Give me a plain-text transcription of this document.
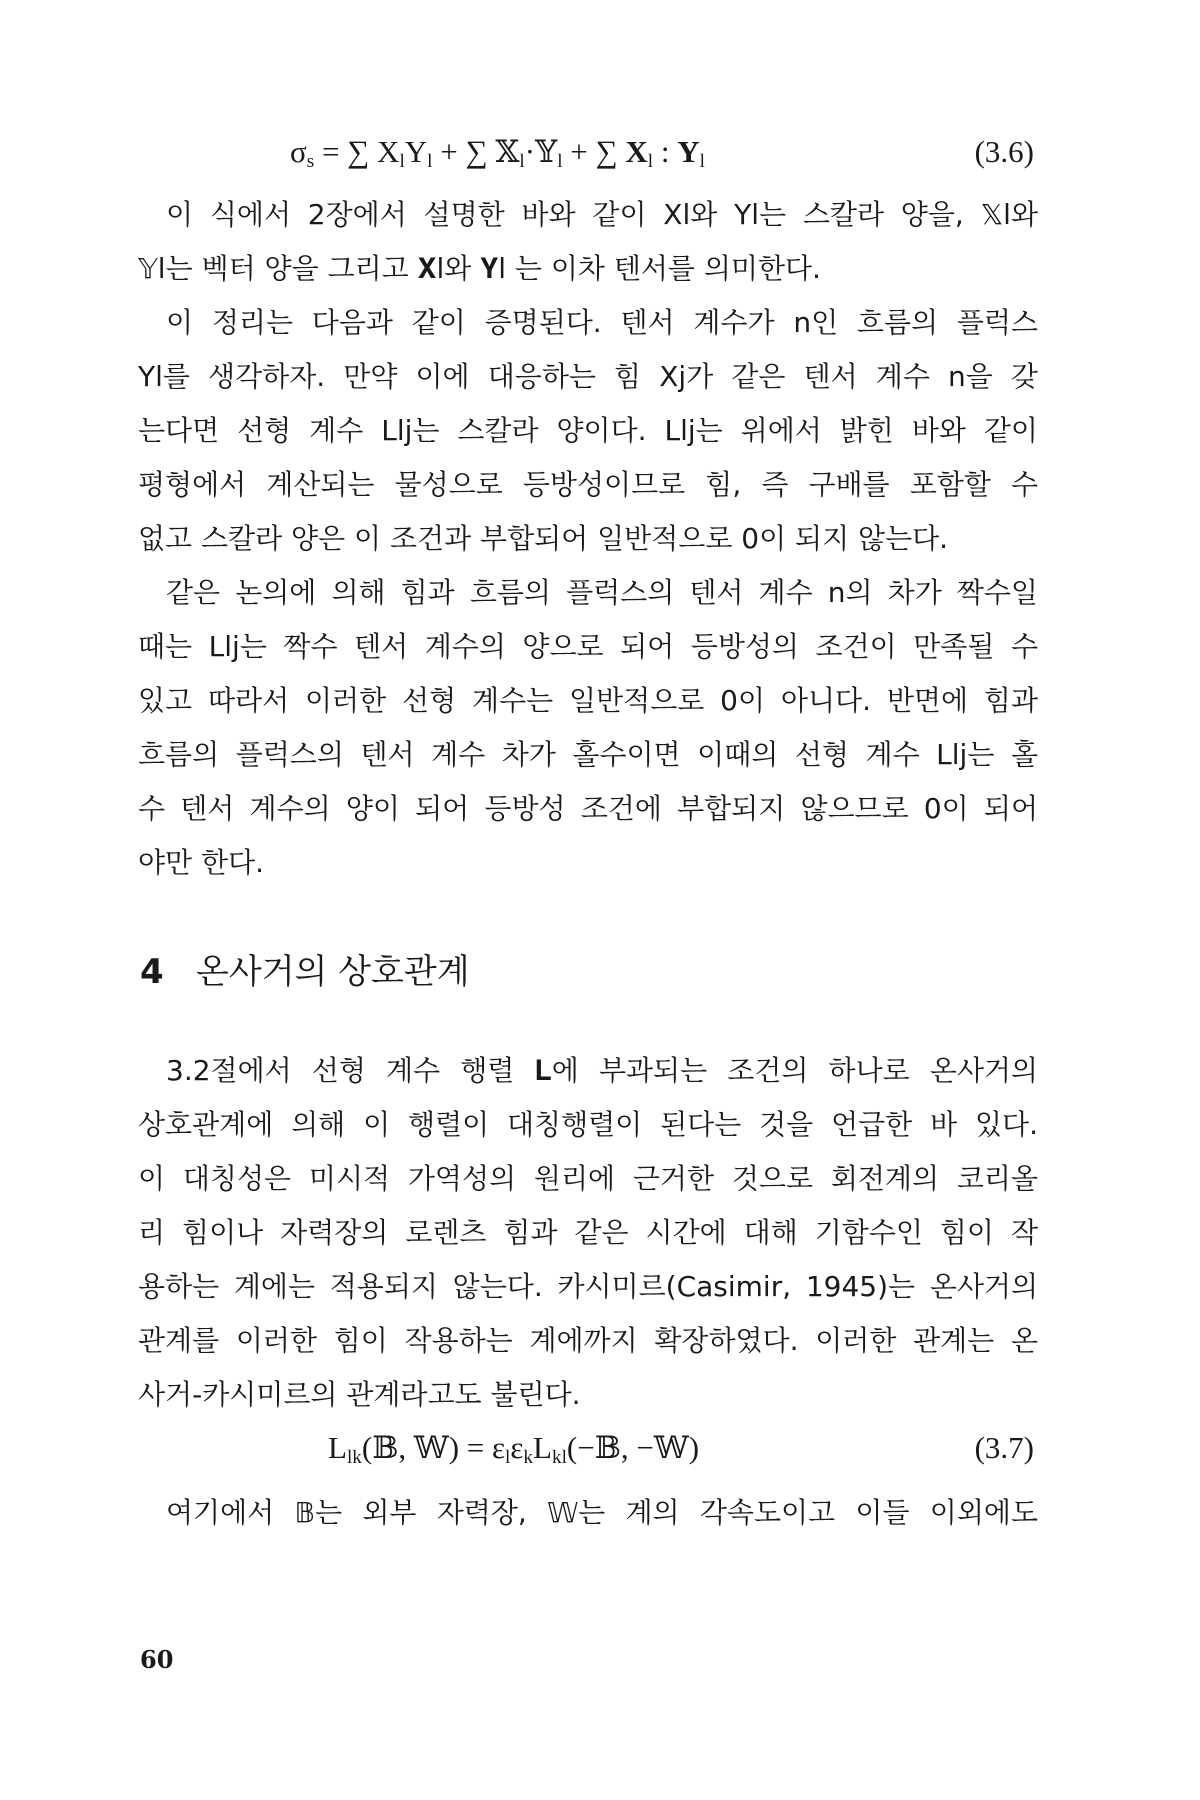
$\sigma_s$ = ∑ $X_lY_l$ + ∑ 𝕏$_l$·𝕐$_l$ + ∑ $X_l$ : $Y_l$	(3.6)
이 식에서 2장에서 설명한 바와 같이 Xl와 Yl는 스칼라 양을, 𝕏l와
𝕐l는 벡터 양을 그리고 𝐗l와 𝐘l 는 이차 텐서를 의미한다.
이 정리는 다음과 같이 증명된다. 텐서 계수가 n인 흐름의 플럭스
Yl를 생각하자. 만약 이에 대응하는 힘 Xj가 같은 텐서 계수 n을 갖
는다면 선형 계수 Llj는 스칼라 양이다. Llj는 위에서 밝힌 바와 같이
평형에서 계산되는 물성으로 등방성이므로 힘, 즉 구배를 포함할 수
없고 스칼라 양은 이 조건과 부합되어 일반적으로 0이 되지 않는다.
같은 논의에 의해 힘과 흐름의 플럭스의 텐서 계수 n의 차가 짝수일
때는 Llj는 짝수 텐서 계수의 양으로 되어 등방성의 조건이 만족될 수
있고 따라서 이러한 선형 계수는 일반적으로 0이 아니다. 반면에 힘과
흐름의 플럭스의 텐서 계수 차가 홀수이면 이때의 선형 계수 Llj는 홀
수 텐서 계수의 양이 되어 등방성 조건에 부합되지 않으므로 0이 되어
야만 한다.
4 온사거의 상호관계
3.2절에서 선형 계수 행렬 𝐋에 부과되는 조건의 하나로 온사거의
상호관계에 의해 이 행렬이 대칭행렬이 된다는 것을 언급한 바 있다.
이 대칭성은 미시적 가역성의 원리에 근거한 것으로 회전계의 코리올
리 힘이나 자력장의 로렌츠 힘과 같은 시간에 대해 기함수인 힘이 작
용하는 계에는 적용되지 않는다. 카시미르(Casimir, 1945)는 온사거의
관계를 이러한 힘이 작용하는 계에까지 확장하였다. 이러한 관계는 온
사거-카시미르의 관계라고도 불린다.
$L_{lk}(𝔹$, 𝕎) = $\varepsilon_l\varepsilon_kL_{kl}(-𝔹$, −𝕎)	(3.7)
여기에서 𝔹는 외부 자력장, 𝕎는 계의 각속도이고 이들 이외에도
60
